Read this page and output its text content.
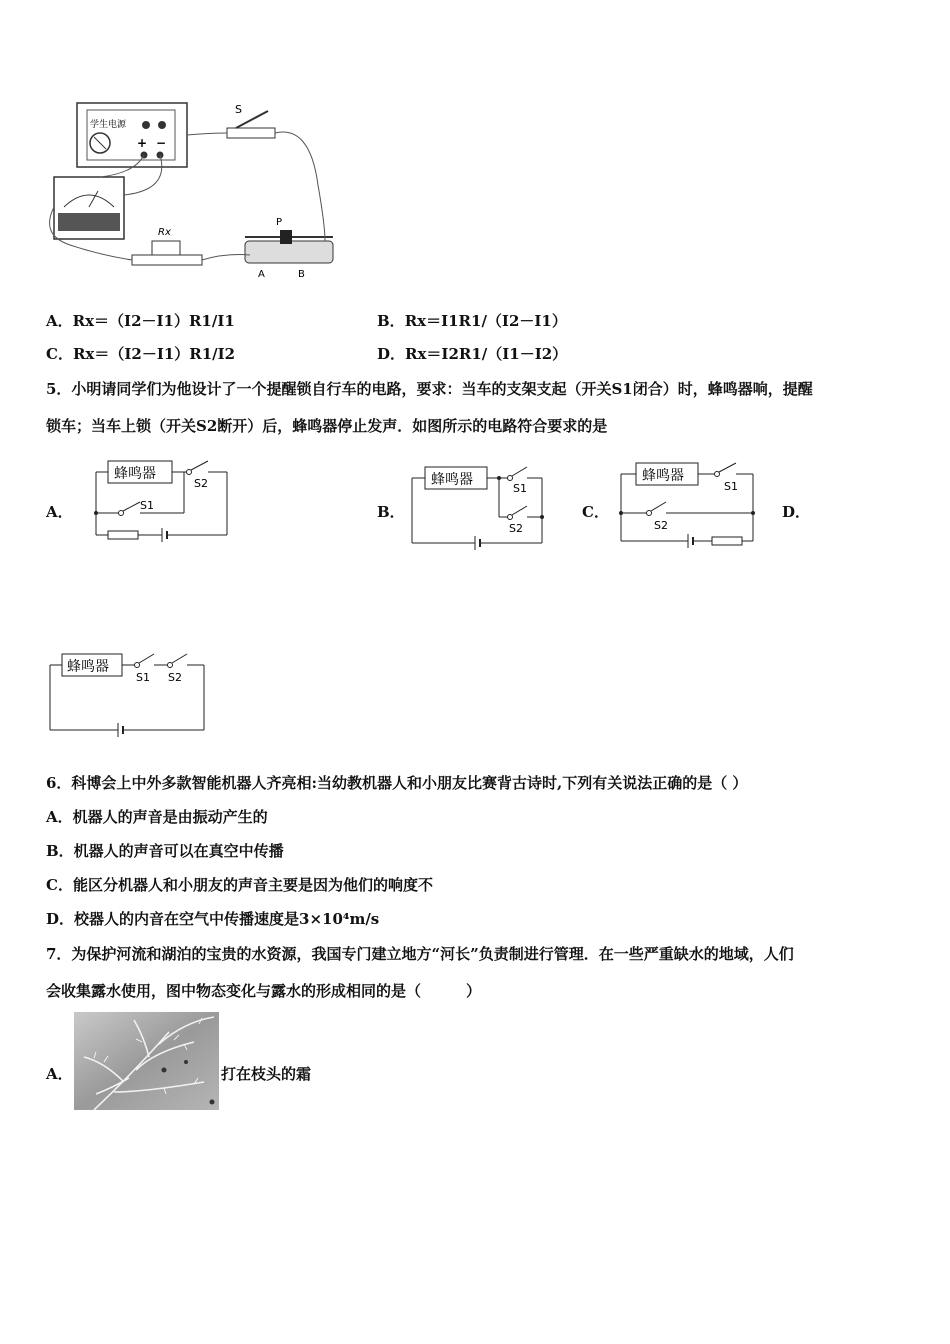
学生电源
+ −
S
Rx
P
A	B
A．Rx＝（I2－I1）R1/I1	B．Rx＝I1R1/（I2－I1）
C．Rx＝（I2－I1）R1/I2	D．Rx＝I2R1/（I1－I2）
5．小明请同学们为他设计了一个提醒锁自行车的电路，要求：当车的支架支起（开关S1闭合）时，蜂鸣器响，提醒
锁车；当车上锁（开关S2断开）后，蜂鸣器停止发声．如图所示的电路符合要求的是
A．	B．	C．	D．
蜂鸣器
S2
S1
蜂鸣器
S1
S2
蜂鸣器
S1
S2
蜂鸣器
S1 S2
6．科博会上中外多款智能机器人齐亮相:当幼教机器人和小朋友比赛背古诗时,下列有关说法正确的是（ ）
A．机器人的声音是由振动产生的
B．机器人的声音可以在真空中传播
C．能区分机器人和小朋友的声音主要是因为他们的响度不
D．校器人的内音在空气中传播速度是3×10⁴m/s
7．为保护河流和湖泊的宝贵的水资源，我国专门建立地方“河长”负责制进行管理．在一些严重缺水的地域，人们
会收集露水使用，图中物态变化与露水的形成相同的是（　　　）
A．	打在枝头的霜
